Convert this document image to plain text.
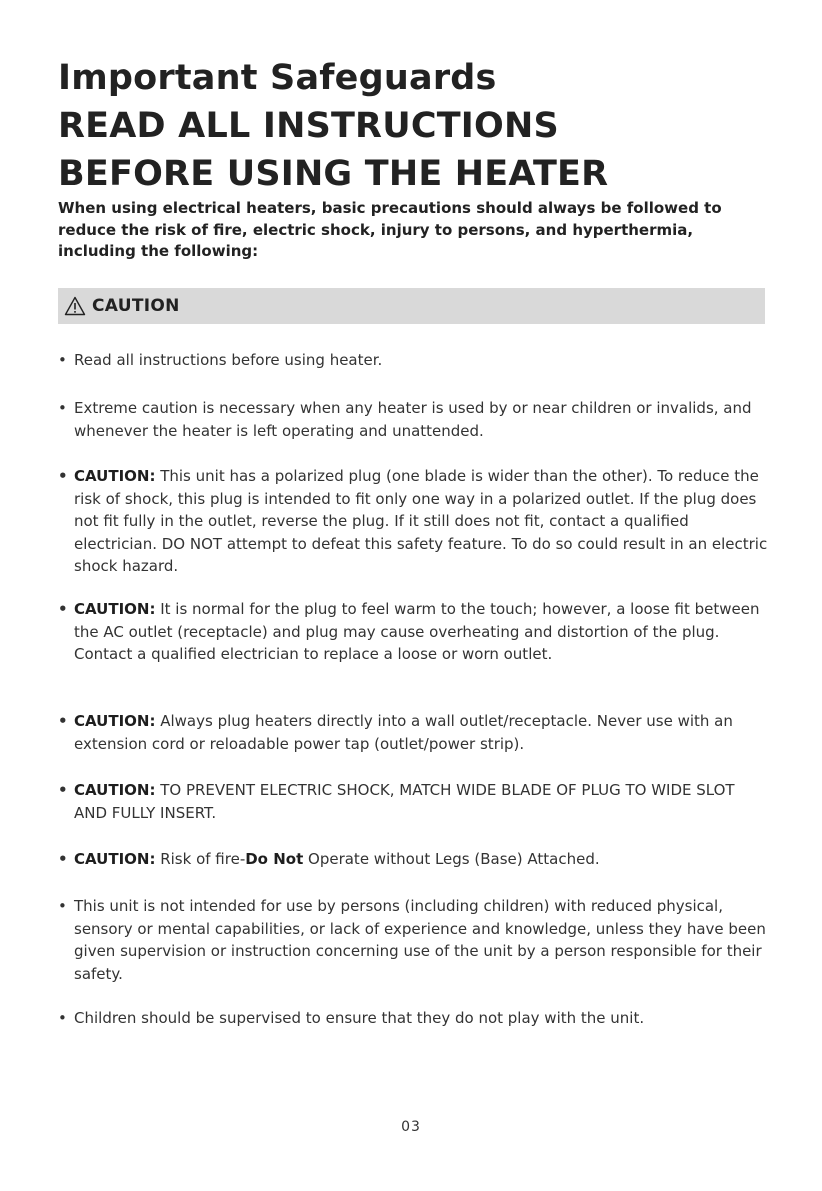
Important Safeguards
READ ALL INSTRUCTIONS
BEFORE USING THE HEATER

When using electrical heaters, basic precautions should always be followed to reduce the risk of fire, electric shock, injury to persons, and hyperthermia, including the following:

CAUTION

• Read all instructions before using heater.

• Extreme caution is necessary when any heater is used by or near children or invalids, and whenever the heater is left operating and unattended.

• CAUTION: This unit has a polarized plug (one blade is wider than the other). To reduce the risk of shock, this plug is intended to fit only one way in a polarized outlet. If the plug does not fit fully in the outlet, reverse the plug. If it still does not fit, contact a qualified electrician. DO NOT attempt to defeat this safety feature. To do so could result in an electric shock hazard.

• CAUTION: It is normal for the plug to feel warm to the touch; however, a loose fit between the AC outlet (receptacle) and plug may cause overheating and distortion of the plug. Contact a qualified electrician to replace a loose or worn outlet.

• CAUTION: Always plug heaters directly into a wall outlet/receptacle. Never use with an extension cord or reloadable power tap (outlet/power strip).

• CAUTION: TO PREVENT ELECTRIC SHOCK, MATCH WIDE BLADE OF PLUG TO WIDE SLOT AND FULLY INSERT.

• CAUTION: Risk of fire-Do Not Operate without Legs (Base) Attached.

• This unit is not intended for use by persons (including children) with reduced physical, sensory or mental capabilities, or lack of experience and knowledge, unless they have been given supervision or instruction concerning use of the unit by a person responsible for their safety.

• Children should be supervised to ensure that they do not play with the unit.

03
